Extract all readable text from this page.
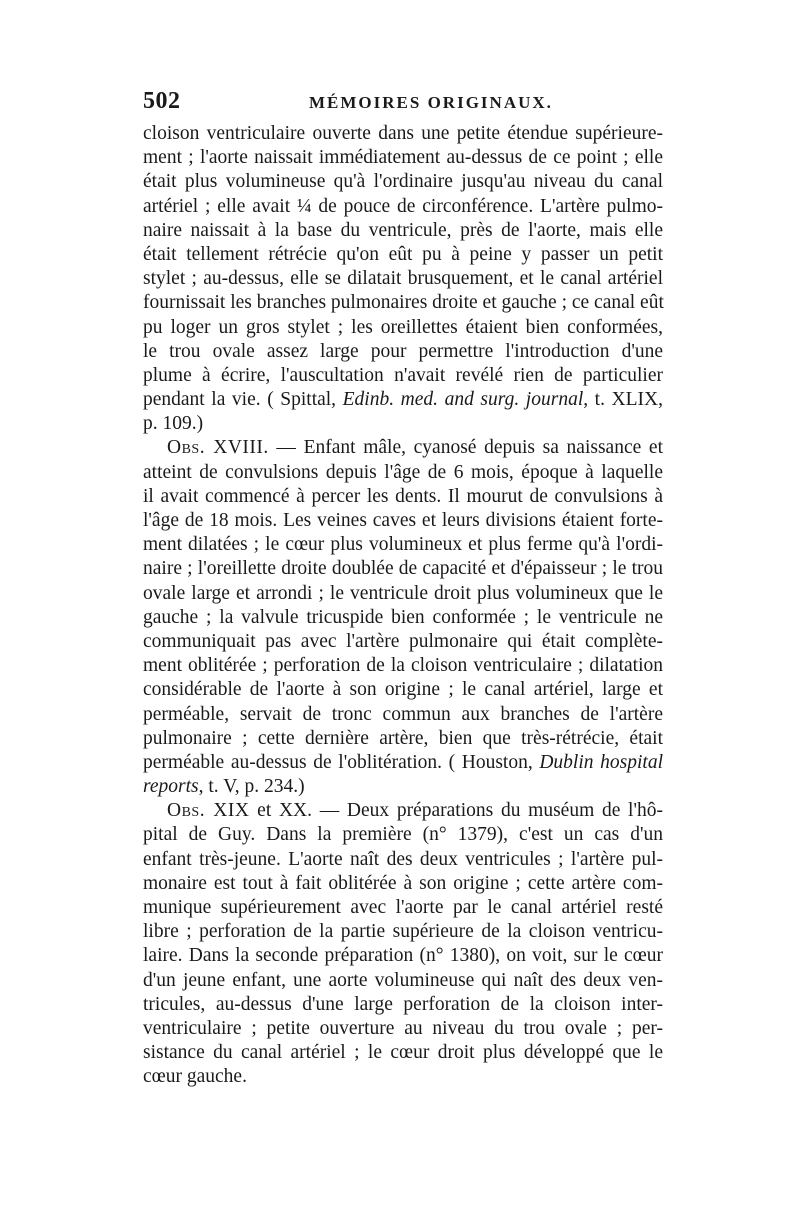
502	MÉMOIRES ORIGINAUX.
cloison ventriculaire ouverte dans une petite étendue supérieure-
ment ; l'aorte naissait immédiatement au-dessus de ce point ; elle
était plus volumineuse qu'à l'ordinaire jusqu'au niveau du canal
artériel ; elle avait ¼ de pouce de circonférence. L'artère pulmo-
naire naissait à la base du ventricule, près de l'aorte, mais elle
était tellement rétrécie qu'on eût pu à peine y passer un petit
stylet ; au-dessus, elle se dilatait brusquement, et le canal artériel
fournissait les branches pulmonaires droite et gauche ; ce canal eût
pu loger un gros stylet ; les oreillettes étaient bien conformées,
le trou ovale assez large pour permettre l'introduction d'une
plume à écrire, l'auscultation n'avait revélé rien de particulier
pendant la vie. ( Spittal, Edinb. med. and surg. journal, t. XLIX,
p. 109.)
Obs. XVIII. — Enfant mâle, cyanosé depuis sa naissance et
atteint de convulsions depuis l'âge de 6 mois, époque à laquelle
il avait commencé à percer les dents. Il mourut de convulsions à
l'âge de 18 mois. Les veines caves et leurs divisions étaient forte-
ment dilatées ; le cœur plus volumineux et plus ferme qu'à l'ordi-
naire ; l'oreillette droite doublée de capacité et d'épaisseur ; le trou
ovale large et arrondi ; le ventricule droit plus volumineux que le
gauche ; la valvule tricuspide bien conformée ; le ventricule ne
communiquait pas avec l'artère pulmonaire qui était complète-
ment oblitérée ; perforation de la cloison ventriculaire ; dilatation
considérable de l'aorte à son origine ; le canal artériel, large et
perméable, servait de tronc commun aux branches de l'artère
pulmonaire ; cette dernière artère, bien que très-rétrécie, était
perméable au-dessus de l'oblitération. ( Houston, Dublin hospital
reports, t. V, p. 234.)
Obs. XIX et XX. — Deux préparations du muséum de l'hô-
pital de Guy. Dans la première (n° 1379), c'est un cas d'un
enfant très-jeune. L'aorte naît des deux ventricules ; l'artère pul-
monaire est tout à fait oblitérée à son origine ; cette artère com-
munique supérieurement avec l'aorte par le canal artériel resté
libre ; perforation de la partie supérieure de la cloison ventricu-
laire. Dans la seconde préparation (n° 1380), on voit, sur le cœur
d'un jeune enfant, une aorte volumineuse qui naît des deux ven-
tricules, au-dessus d'une large perforation de la cloison inter-
ventriculaire ; petite ouverture au niveau du trou ovale ; per-
sistance du canal artériel ; le cœur droit plus développé que le
cœur gauche.
